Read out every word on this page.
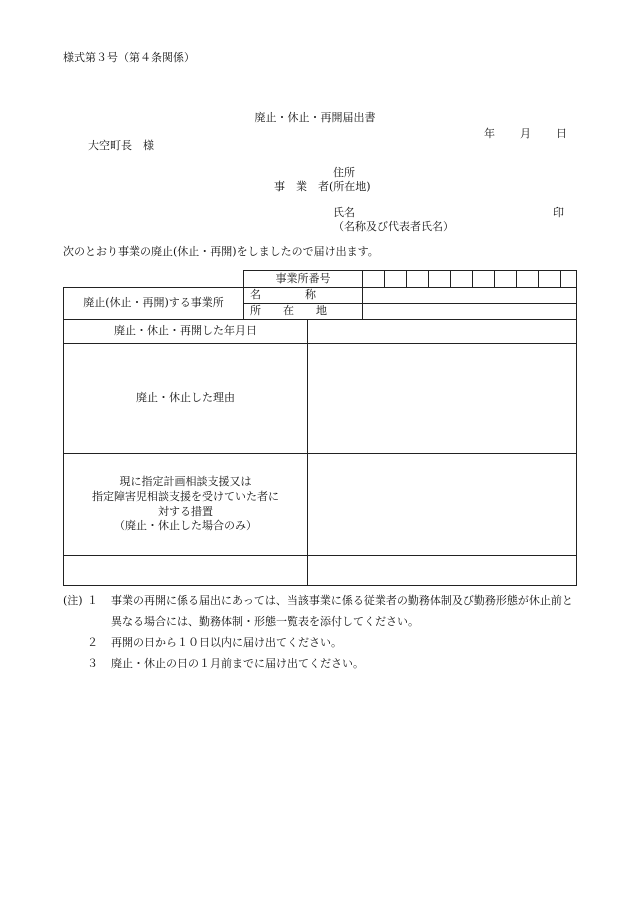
様式第３号（第４条関係）
廃止・休止・再開届出書
年 月 日
大空町長　様
住所
事　業　者(所在地)
氏名	印
（名称及び代表者氏名）
次のとおり事業の廃止(休止・再開)をしましたので届け出ます。
	事業所番号											
廃止(休止・再開)する事業所	名　　　　称											
	所　　在　　地											
廃止・休止・再開した年月日												
廃止・休止した理由												

現に指定計画相談支援又は
指定障害児相談支援を受けていた者に
対する措置
（廃止・休止した場合のみ）												

(注) １	事業の再開に係る届出にあっては、当該事業に係る従業者の勤務体制及び勤務形態が休止前と異なる場合には、勤務体制・形態一覧表を添付してください。
２	再開の日から１０日以内に届け出てください。
３	廃止・休止の日の１月前までに届け出てください。
